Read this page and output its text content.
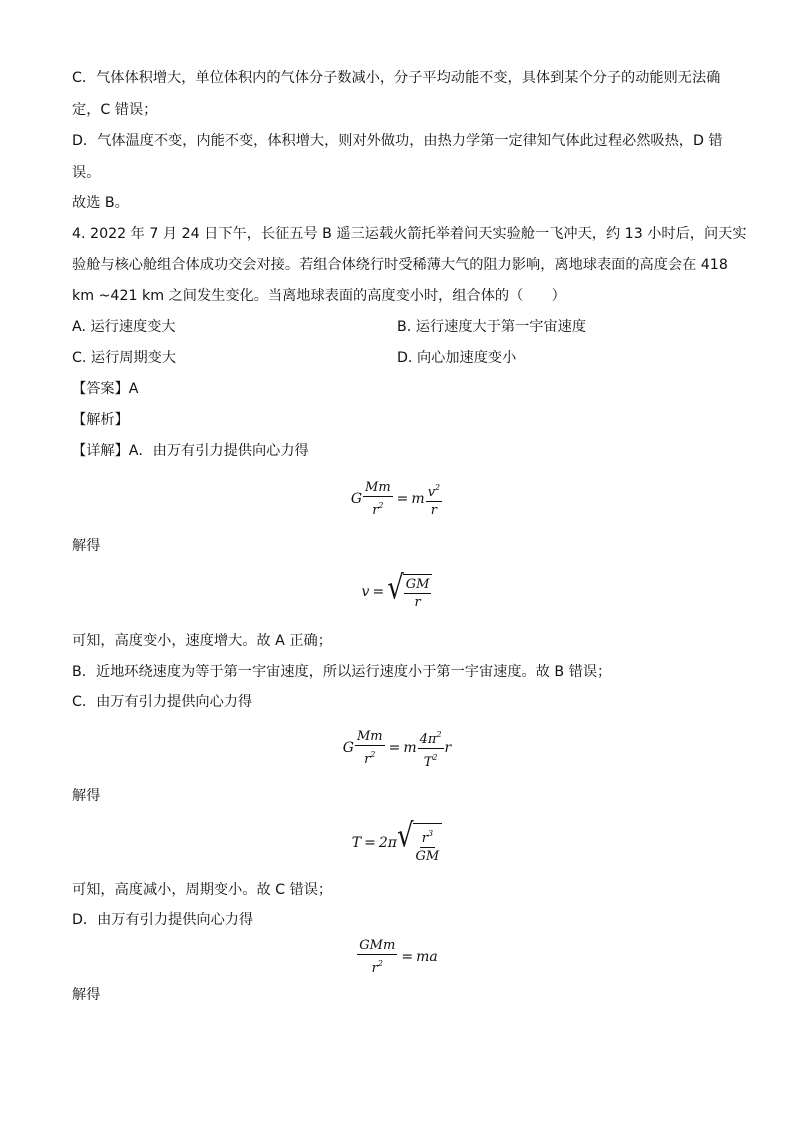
C．气体体积增大，单位体积内的气体分子数减小，分子平均动能不变，具体到某个分子的动能则无法确
定，C 错误；
D．气体温度不变，内能不变，体积增大，则对外做功，由热力学第一定律知气体此过程必然吸热，D 错
误。
故选 B。
4. 2022 年 7 月 24 日下午，长征五号 B 遥三运载火箭托举着问天实验舱一飞冲天，约 13 小时后，问天实
验舱与核心舱组合体成功交会对接。若组合体绕行时受稀薄大气的阻力影响，离地球表面的高度会在 418
km ~421 km 之间发生变化。当离地球表面的高度变小时，组合体的（　　）
A. 运行速度变大	B. 运行速度大于第一宇宙速度
C. 运行周期变大	D. 向心加速度变小
【答案】A
【解析】
【详解】A．由万有引力提供向心力得
G $\frac{Mm}{r^2} = m \frac{v^2}{r}$
解得
v = √ $\frac{GM}{r}$
可知，高度变小，速度增大。故 A 正确；
B．近地环绕速度为等于第一宇宙速度，所以运行速度小于第一宇宙速度。故 B 错误；
C．由万有引力提供向心力得
G $\frac{Mm}{r^2} = m \frac{4\pi^2}{T^2}$ r
解得
T = 2π √ $\frac{r^3}{GM}$
可知，高度减小，周期变小。故 C 错误；
D．由万有引力提供向心力得
$\frac{\text{GMm}}{r^2}$ = ma
解得
